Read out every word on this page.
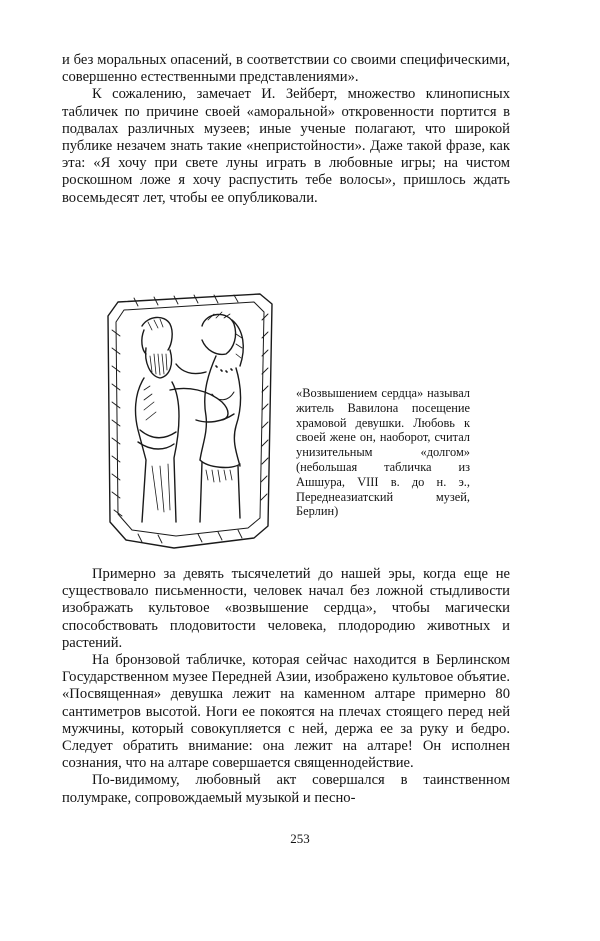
и без моральных опасений, в соответствии со своими специфическими, совершенно естественными представлениями».

К сожалению, замечает И. Зейберт, множество клинописных табличек по причине своей «аморальной» откровенности портится в подвалах различных музеев; иные ученые полагают, что широкой публике незачем знать такие «непристойности». Даже такой фразе, как эта: «Я хочу при свете луны играть в любовные игры; на чистом роскошном ложе я хочу распустить тебе волосы», пришлось ждать восемьдесят лет, чтобы ее опубликовали.

«Возвышением сердца» называл житель Вавилона посещение храмовой девушки. Любовь к своей жене он, наоборот, считал унизительным «долгом» (небольшая табличка из Ашшура, VIII в. до н. э., Переднеазиатский музей, Берлин)

Примерно за девять тысячелетий до нашей эры, когда еще не существовало письменности, человек начал без ложной стыдливости изображать культовое «возвышение сердца», чтобы магически способствовать плодовитости человека, плодородию животных и растений.

На бронзовой табличке, которая сейчас находится в Берлинском Государственном музее Передней Азии, изображено культовое объятие. «Посвященная» девушка лежит на каменном алтаре примерно 80 сантиметров высотой. Ноги ее покоятся на плечах стоящего перед ней мужчины, который совокупляется с ней, держа ее за руку и бедро. Следует обратить внимание: она лежит на алтаре! Он исполнен сознания, что на алтаре совершается священнодействие.

По-видимому, любовный акт совершался в таинственном полумраке, сопровождаемый музыкой и песно-

253
